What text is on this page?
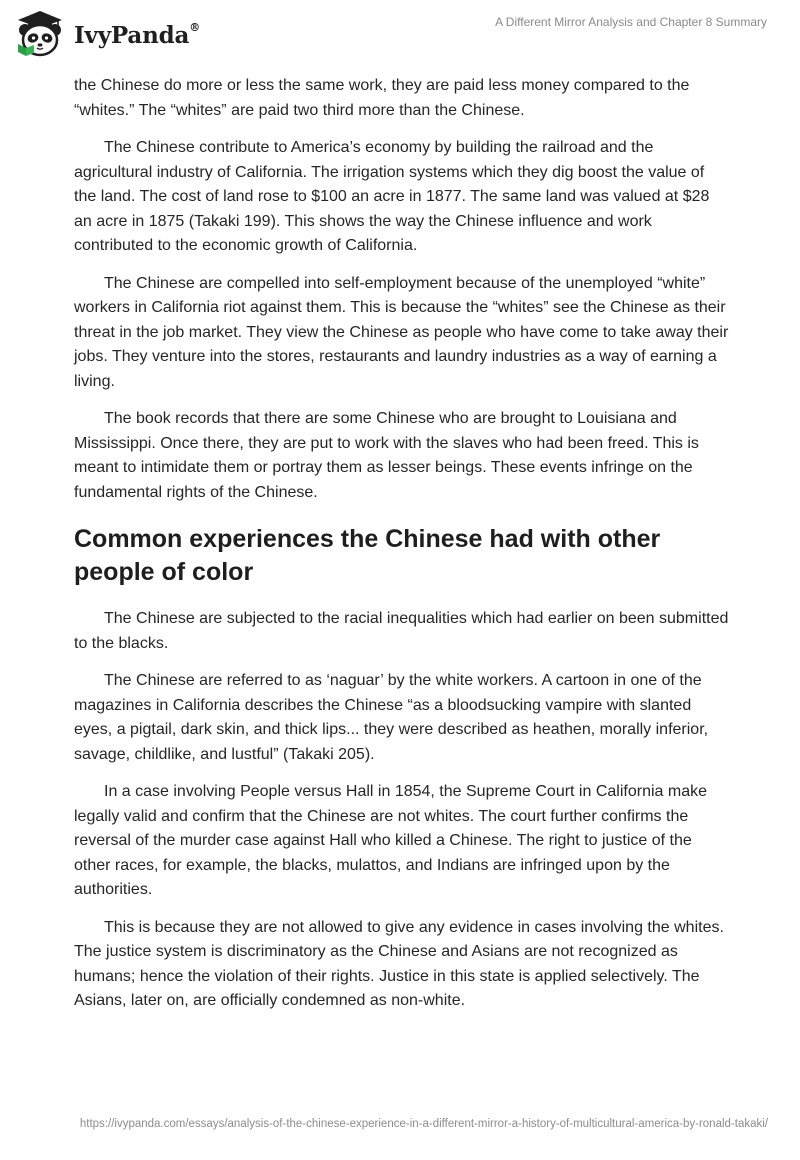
IvyPanda®	A Different Mirror Analysis and Chapter 8 Summary

the Chinese do more or less the same work, they are paid less money compared to the “whites.” The “whites” are paid two third more than the Chinese.

The Chinese contribute to America’s economy by building the railroad and the agricultural industry of California. The irrigation systems which they dig boost the value of the land. The cost of land rose to $100 an acre in 1877. The same land was valued at $28 an acre in 1875 (Takaki 199). This shows the way the Chinese influence and work contributed to the economic growth of California.

The Chinese are compelled into self-employment because of the unemployed “white” workers in California riot against them. This is because the “whites” see the Chinese as their threat in the job market. They view the Chinese as people who have come to take away their jobs. They venture into the stores, restaurants and laundry industries as a way of earning a living.

The book records that there are some Chinese who are brought to Louisiana and Mississippi. Once there, they are put to work with the slaves who had been freed. This is meant to intimidate them or portray them as lesser beings. These events infringe on the fundamental rights of the Chinese.

Common experiences the Chinese had with other people of color

The Chinese are subjected to the racial inequalities which had earlier on been submitted to the blacks.

The Chinese are referred to as ‘naguar’ by the white workers. A cartoon in one of the magazines in California describes the Chinese “as a bloodsucking vampire with slanted eyes, a pigtail, dark skin, and thick lips... they were described as heathen, morally inferior, savage, childlike, and lustful” (Takaki 205).

In a case involving People versus Hall in 1854, the Supreme Court in California make legally valid and confirm that the Chinese are not whites. The court further confirms the reversal of the murder case against Hall who killed a Chinese. The right to justice of the other races, for example, the blacks, mulattos, and Indians are infringed upon by the authorities.

This is because they are not allowed to give any evidence in cases involving the whites. The justice system is discriminatory as the Chinese and Asians are not recognized as humans; hence the violation of their rights. Justice in this state is applied selectively. The Asians, later on, are officially condemned as non-white.

https://ivypanda.com/essays/analysis-of-the-chinese-experience-in-a-different-mirror-a-history-of-multicultural-america-by-ronald-takaki/
